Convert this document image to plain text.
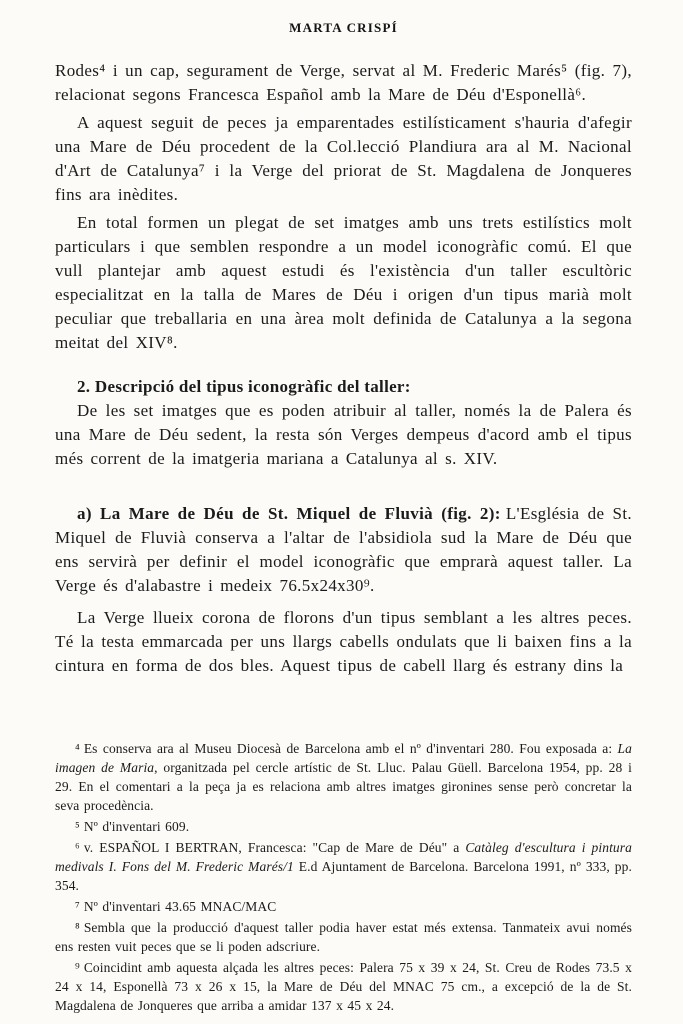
MARTA CRISPÍ

Rodes⁴ i un cap, segurament de Verge, servat al M. Frederic Marés⁵ (fig. 7), relacionat segons Francesca Español amb la Mare de Déu d'Esponellà⁶.

A aquest seguit de peces ja emparentades estilísticament s'hauria d'afegir una Mare de Déu procedent de la Col.lecció Plandiura ara al M. Nacional d'Art de Catalunya⁷ i la Verge del priorat de St. Magdalena de Jonqueres fins ara inèdites.

En total formen un plegat de set imatges amb uns trets estilístics molt particulars i que semblen respondre a un model iconogràfic comú. El que vull plantejar amb aquest estudi és l'existència d'un taller escultòric especialitzat en la talla de Mares de Déu i origen d'un tipus marià molt peculiar que treballaria en una àrea molt definida de Catalunya a la segona meitat del XIV⁸.

2. Descripció del tipus iconogràfic del taller:

De les set imatges que es poden atribuir al taller, només la de Palera és una Mare de Déu sedent, la resta són Verges dempeus d'acord amb el tipus més corrent de la imatgeria mariana a Catalunya al s. XIV.

a) La Mare de Déu de St. Miquel de Fluvià (fig. 2): L'Església de St. Miquel de Fluvià conserva a l'altar de l'absidiola sud la Mare de Déu que ens servirà per definir el model iconogràfic que emprarà aquest taller. La Verge és d'alabastre i medeix 76.5x24x30⁹.

La Verge llueix corona de florons d'un tipus semblant a les altres peces. Té la testa emmarcada per uns llargs cabells ondulats que li baixen fins a la cintura en forma de dos bles. Aquest tipus de cabell llarg és estrany dins la

⁴ Es conserva ara al Museu Diocesà de Barcelona amb el nº d'inventari 280. Fou exposada a: La imagen de Maria, organitzada pel cercle artístic de St. Lluc. Palau Güell. Barcelona 1954, pp. 28 i 29. En el comentari a la peça ja es relaciona amb altres imatges gironines sense però concretar la seva procedència.

⁵ Nº d'inventari 609.

⁶ v. ESPAÑOL I BERTRAN, Francesca: "Cap de Mare de Déu" a Catàleg d'escultura i pintura medivals I. Fons del M. Frederic Marés/1 E.d Ajuntament de Barcelona. Barcelona 1991, nº 333, pp. 354.

⁷ Nº d'inventari 43.65 MNAC/MAC

⁸ Sembla que la producció d'aquest taller podia haver estat més extensa. Tanmateix avui només ens resten vuit peces que se li poden adscriure.

⁹ Coincidint amb aquesta alçada les altres peces: Palera 75 x 39 x 24, St. Creu de Rodes 73.5 x 24 x 14, Esponellà 73 x 26 x 15, la Mare de Déu del MNAC 75 cm., a excepció de la de St. Magdalena de Jonqueres que arriba a amidar 137 x 45 x 24.
